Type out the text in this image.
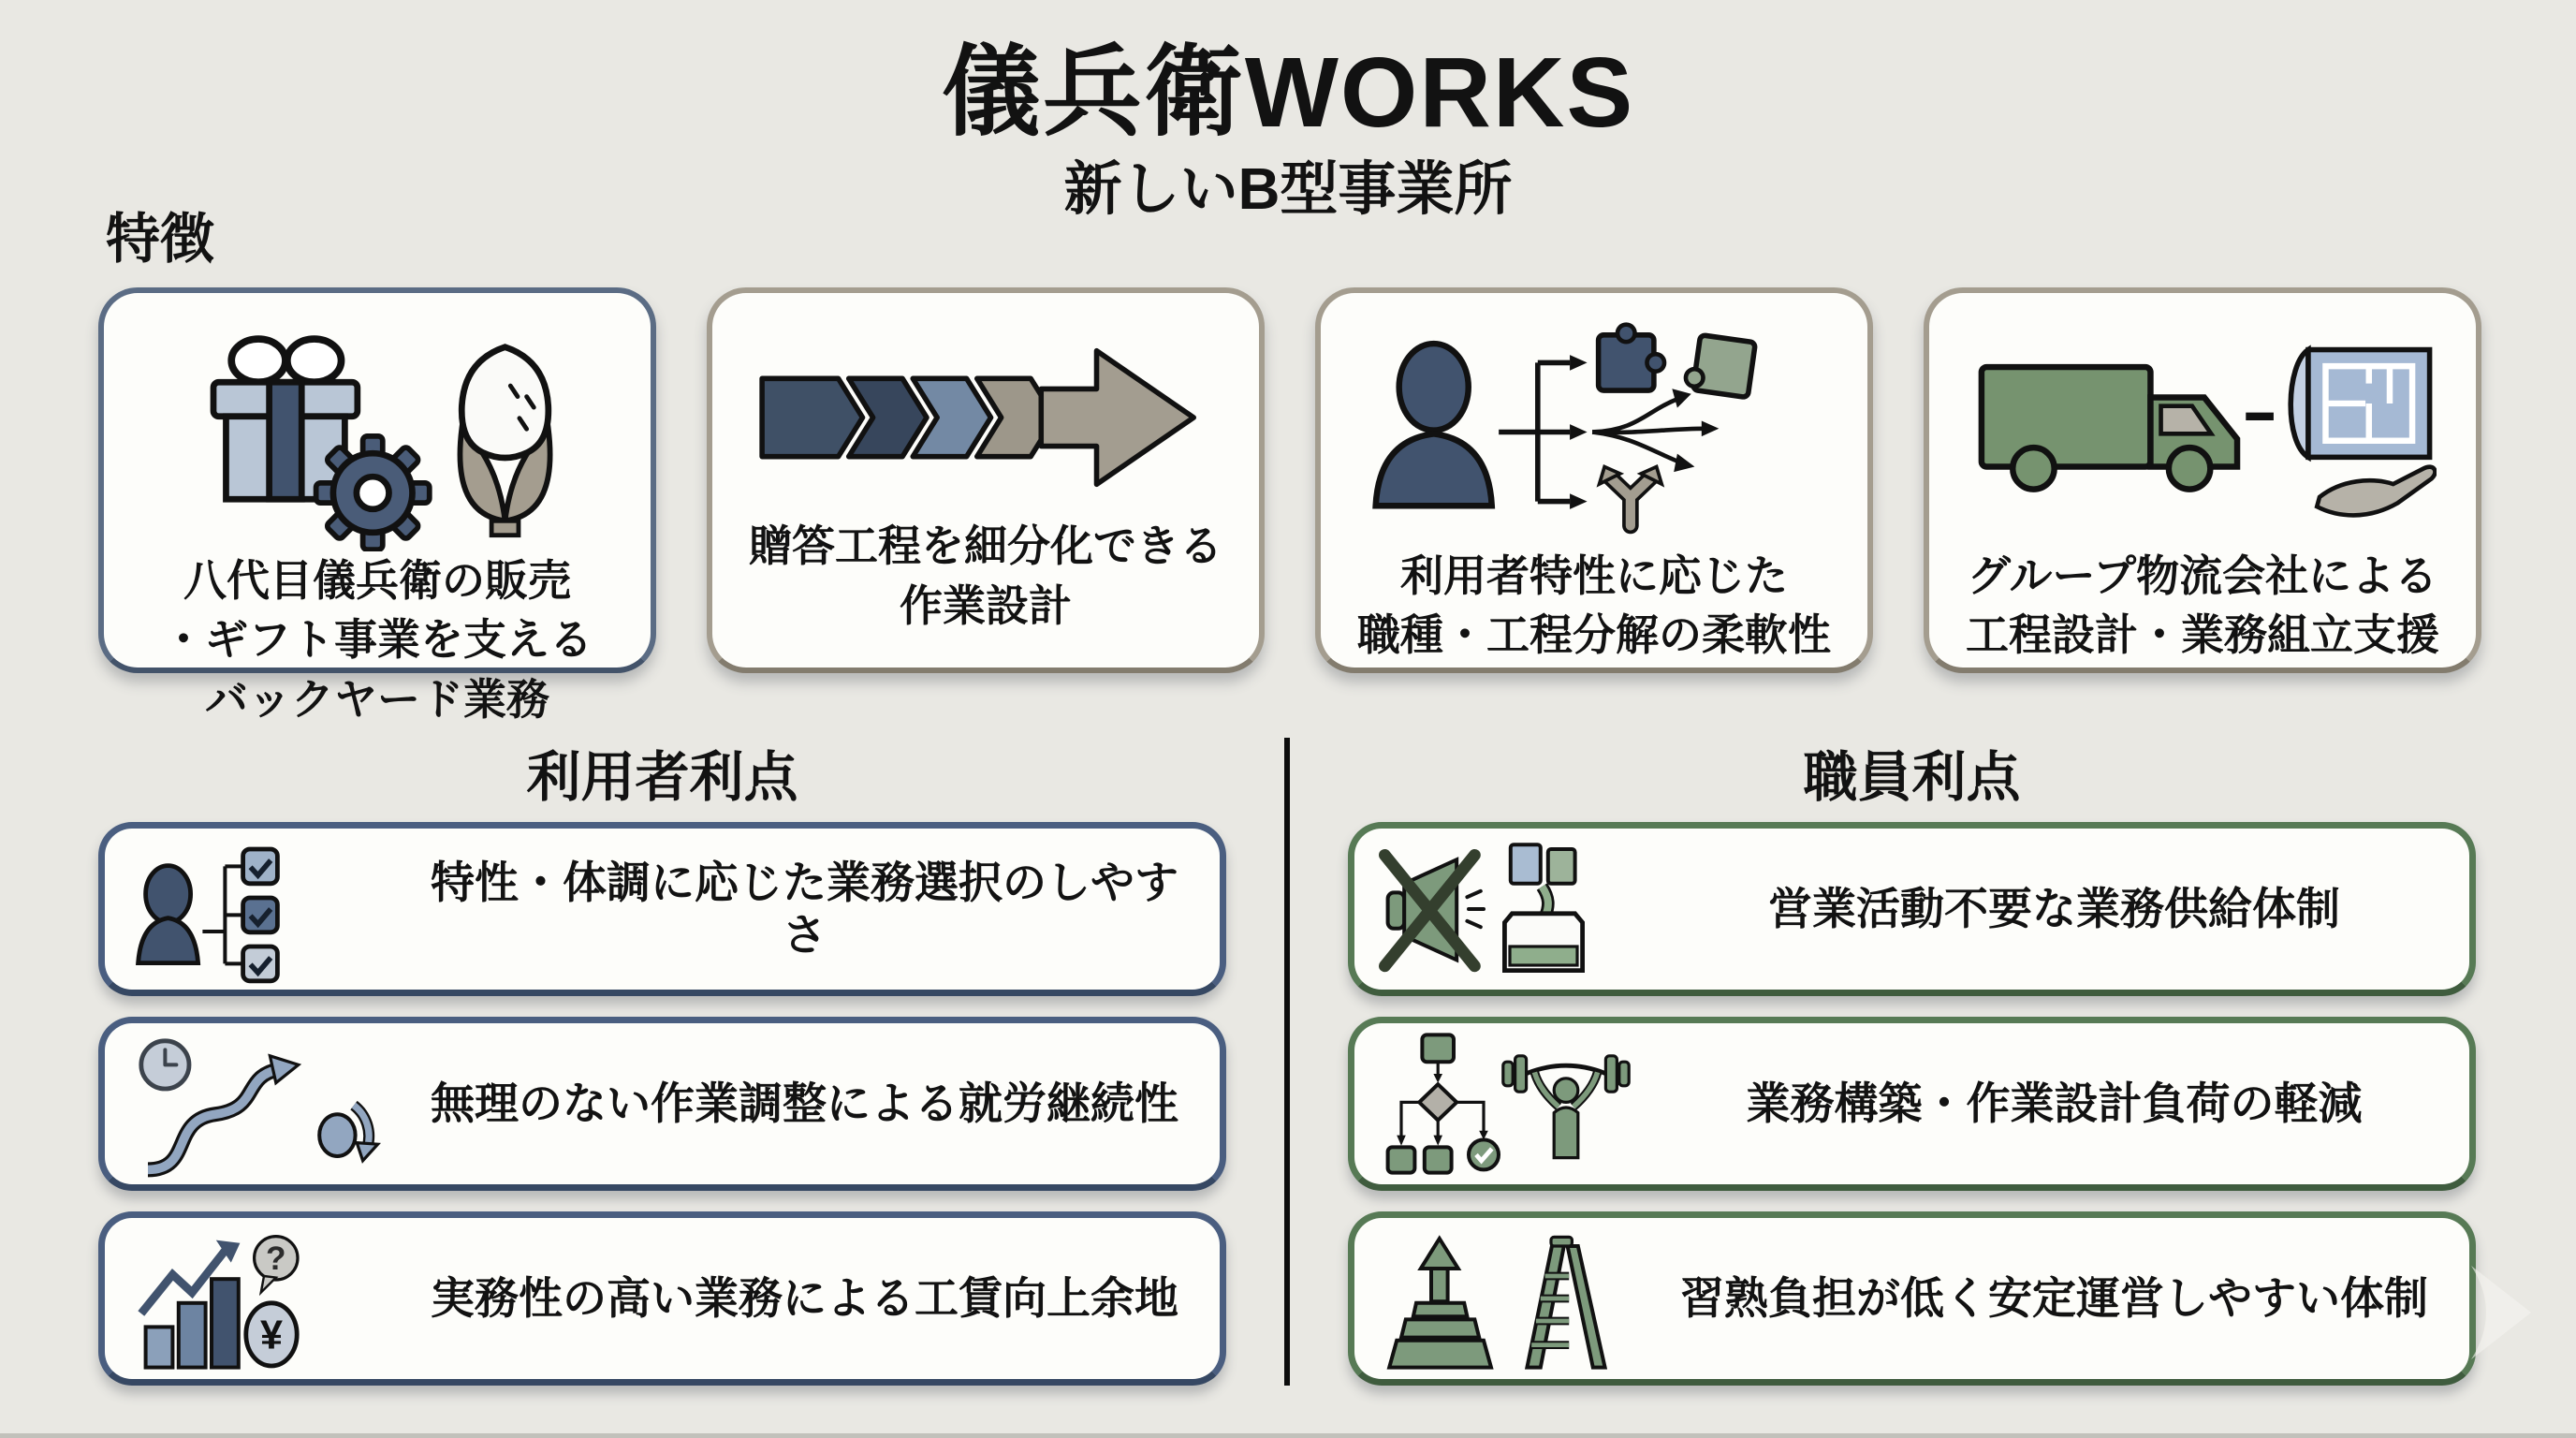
儀兵衛WORKS
新しいB型事業所
特徴
八代目儀兵衛の販売
・ギフト事業を支える
バックヤード業務
贈答工程を細分化できる
作業設計
利用者特性に応じた
職種・工程分解の柔軟性
グループ物流会社による
工程設計・業務組立支援
利用者利点	職員利点
特性・体調に応じた業務選択のしやすさ
無理のない作業調整による就労継続性
?
¥
実務性の高い業務による工賃向上余地
営業活動不要な業務供給体制
業務構築・作業設計負荷の軽減
習熟負担が低く安定運営しやすい体制
